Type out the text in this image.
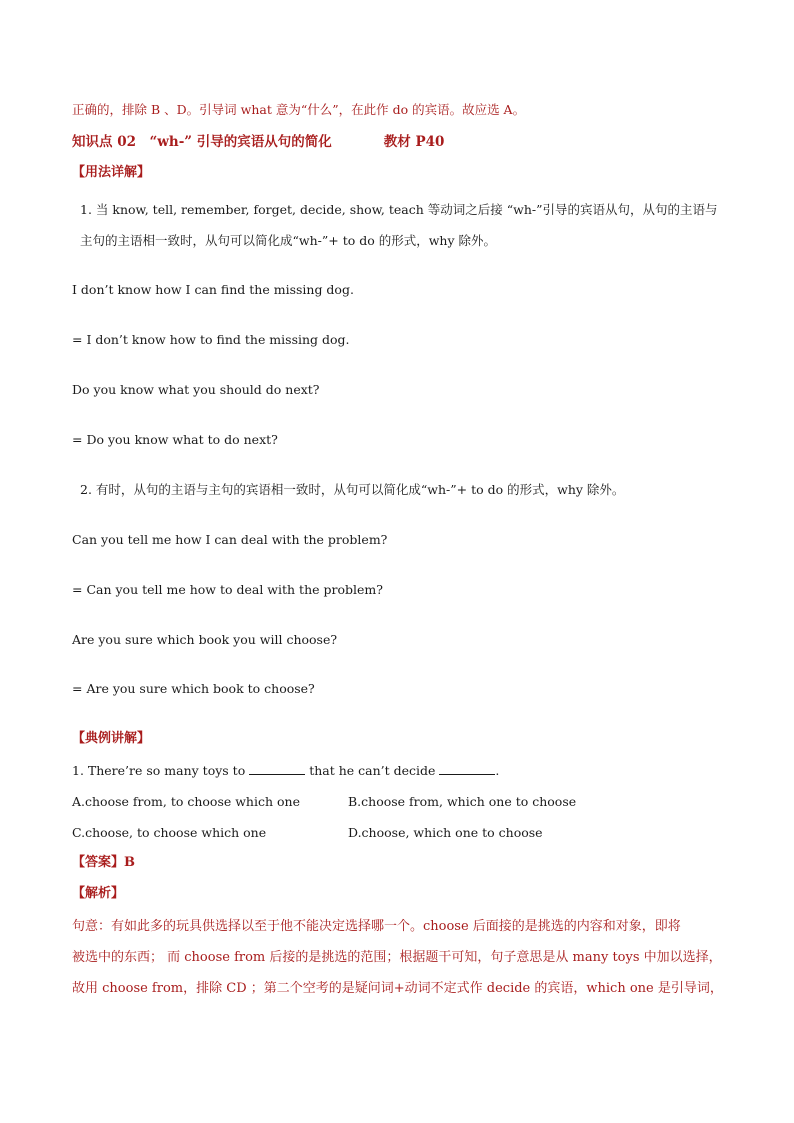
正确的，排除 B 、D。引导词 what 意为“什么”，在此作 do 的宾语。故应选 A。
知识点 02　“wh-” 引导的宾语从句的简化	教材 P40
【用法详解】
1. 当 know, tell, remember, forget, decide, show, teach 等动词之后接 “wh-”引导的宾语从句，从句的主语与
主句的主语相一致时，从句可以简化成“wh-”+ to do 的形式，why 除外。
I don’t know how I can find the missing dog.
= I don’t know how to find the missing dog.
Do you know what you should do next?
= Do you know what to do next?
2. 有时，从句的主语与主句的宾语相一致时，从句可以简化成“wh-”+ to do 的形式，why 除外。
Can you tell me how I can deal with the problem?
= Can you tell me how to deal with the problem?
Are you sure which book you will choose?
= Are you sure which book to choose?
【典例讲解】
1. There’re so many toys to	that he can’t decide	.
A.choose from, to choose which one	B.choose from, which one to choose
C.choose, to choose which one	D.choose, which one to choose
【答案】B
【解析】
句意：有如此多的玩具供选择以至于他不能决定选择哪一个。choose 后面接的是挑选的内容和对象，即将
被选中的东西； 而 choose from 后接的是挑选的范围；根据题干可知，句子意思是从 many toys 中加以选择，
故用 choose from，排除 CD ；第二个空考的是疑问词+动词不定式作 decide 的宾语，which one 是引导词，
